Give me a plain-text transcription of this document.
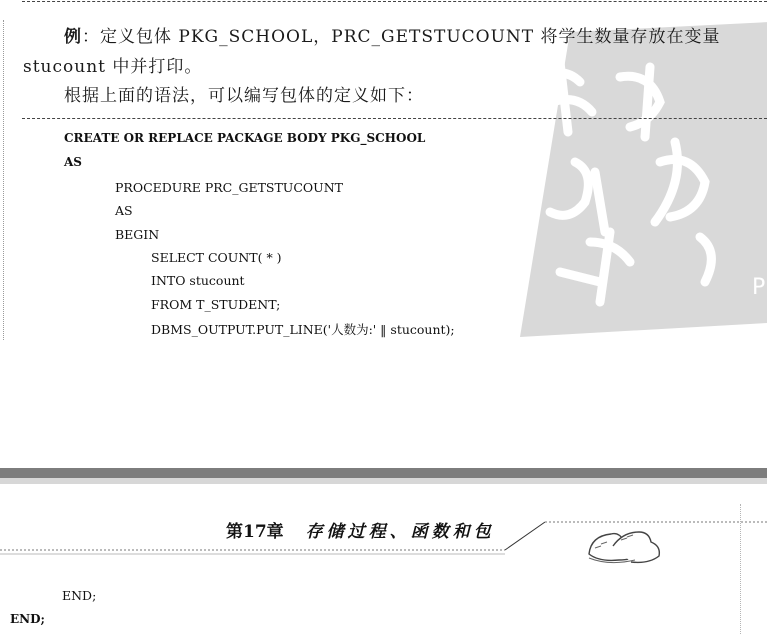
P
例：定义包体 PKG_SCHOOL，PRC_GETSTUCOUNT 将学生数量存放在变量
stucount 中并打印。
根据上面的语法，可以编写包体的定义如下：
CREATE OR REPLACE PACKAGE BODY PKG_SCHOOL
AS
PROCEDURE PRC_GETSTUCOUNT
AS
BEGIN
SELECT COUNT( * )
INTO stucount
FROM T_STUDENT;
DBMS_OUTPUT.PUT_LINE('人数为:' ‖ stucount);
第17章 存储过程、函数和包
END;
END;
